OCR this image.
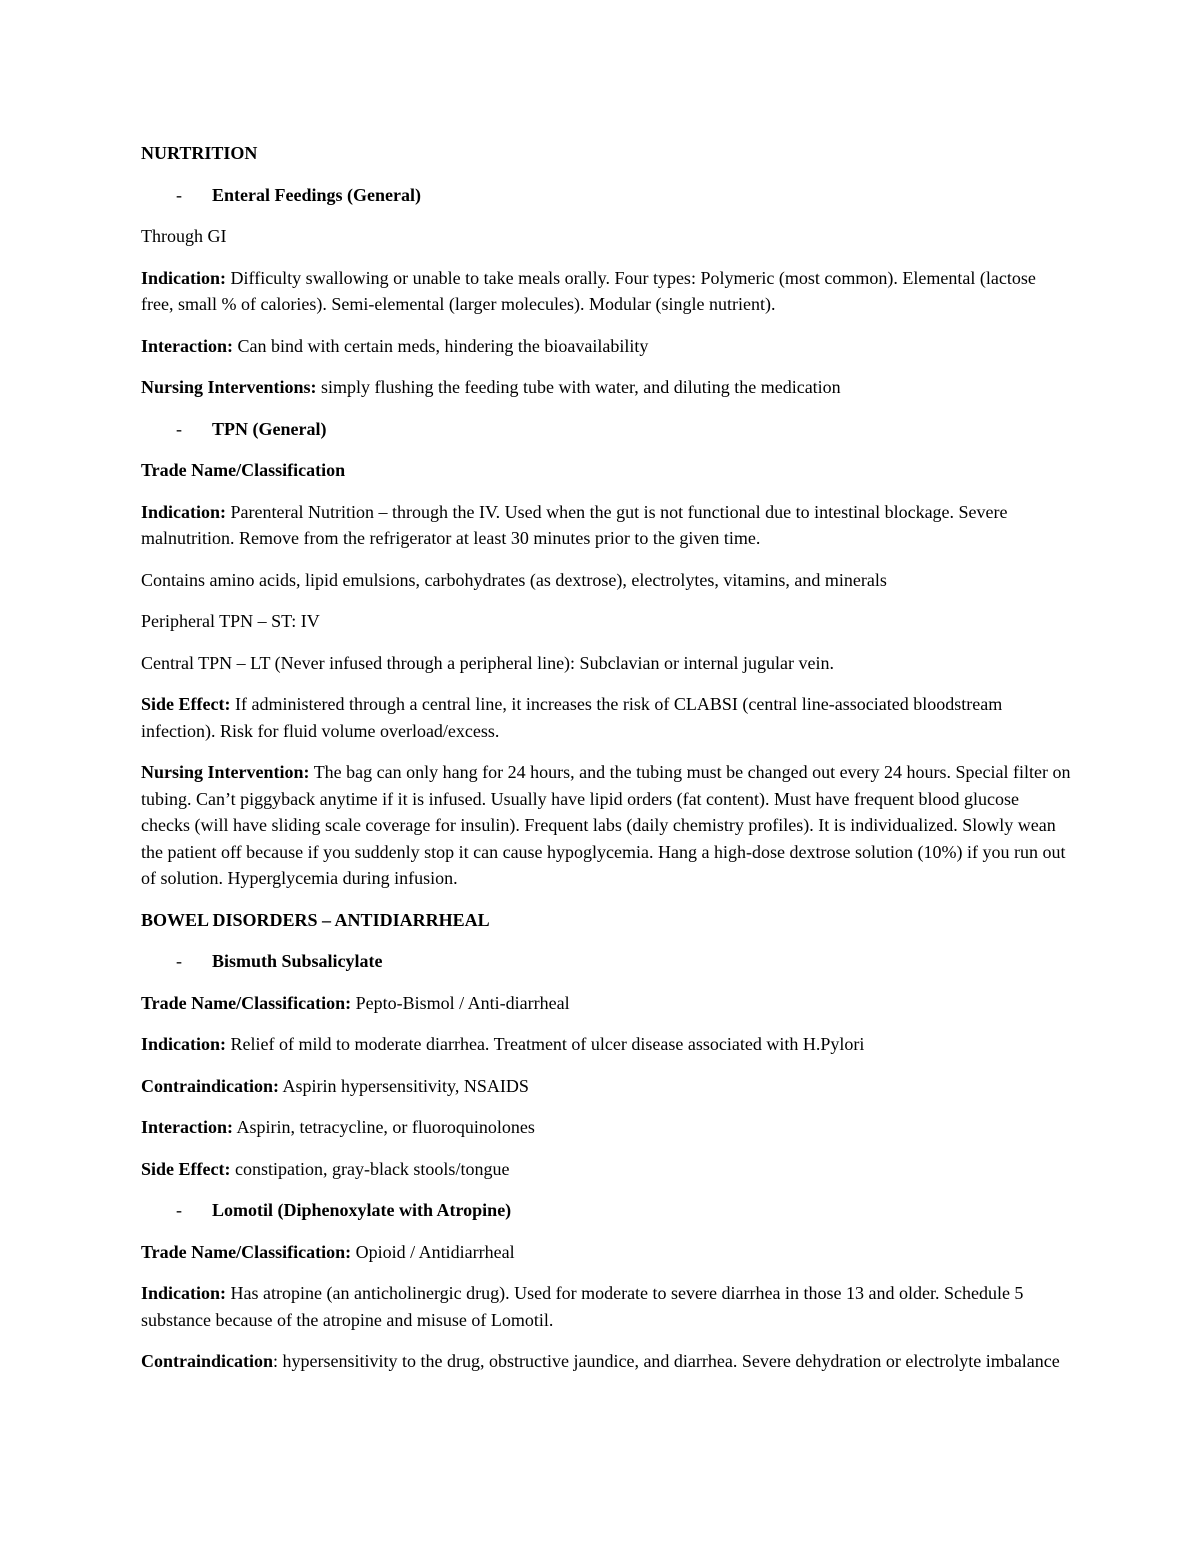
NURTRITION

-	Enteral Feedings (General)

Through GI

Indication: Difficulty swallowing or unable to take meals orally. Four types: Polymeric (most common). Elemental (lactose free, small % of calories). Semi-elemental (larger molecules). Modular (single nutrient).

Interaction: Can bind with certain meds, hindering the bioavailability

Nursing Interventions: simply flushing the feeding tube with water, and diluting the medication

-	TPN (General)

Trade Name/Classification

Indication: Parenteral Nutrition – through the IV. Used when the gut is not functional due to intestinal blockage. Severe malnutrition. Remove from the refrigerator at least 30 minutes prior to the given time.

Contains amino acids, lipid emulsions, carbohydrates (as dextrose), electrolytes, vitamins, and minerals

Peripheral TPN – ST: IV

Central TPN – LT (Never infused through a peripheral line): Subclavian or internal jugular vein.

Side Effect: If administered through a central line, it increases the risk of CLABSI (central line-associated bloodstream infection). Risk for fluid volume overload/excess.

Nursing Intervention: The bag can only hang for 24 hours, and the tubing must be changed out every 24 hours. Special filter on tubing. Can’t piggyback anytime if it is infused. Usually have lipid orders (fat content). Must have frequent blood glucose checks (will have sliding scale coverage for insulin). Frequent labs (daily chemistry profiles). It is individualized. Slowly wean the patient off because if you suddenly stop it can cause hypoglycemia. Hang a high-dose dextrose solution (10%) if you run out of solution. Hyperglycemia during infusion.

BOWEL DISORDERS – ANTIDIARRHEAL

-	Bismuth Subsalicylate

Trade Name/Classification: Pepto-Bismol / Anti-diarrheal

Indication: Relief of mild to moderate diarrhea. Treatment of ulcer disease associated with H.Pylori

Contraindication: Aspirin hypersensitivity, NSAIDS

Interaction: Aspirin, tetracycline, or fluoroquinolones

Side Effect: constipation, gray-black stools/tongue

-	Lomotil (Diphenoxylate with Atropine)

Trade Name/Classification: Opioid / Antidiarrheal

Indication: Has atropine (an anticholinergic drug). Used for moderate to severe diarrhea in those 13 and older. Schedule 5 substance because of the atropine and misuse of Lomotil.

Contraindication: hypersensitivity to the drug, obstructive jaundice, and diarrhea. Severe dehydration or electrolyte imbalance
